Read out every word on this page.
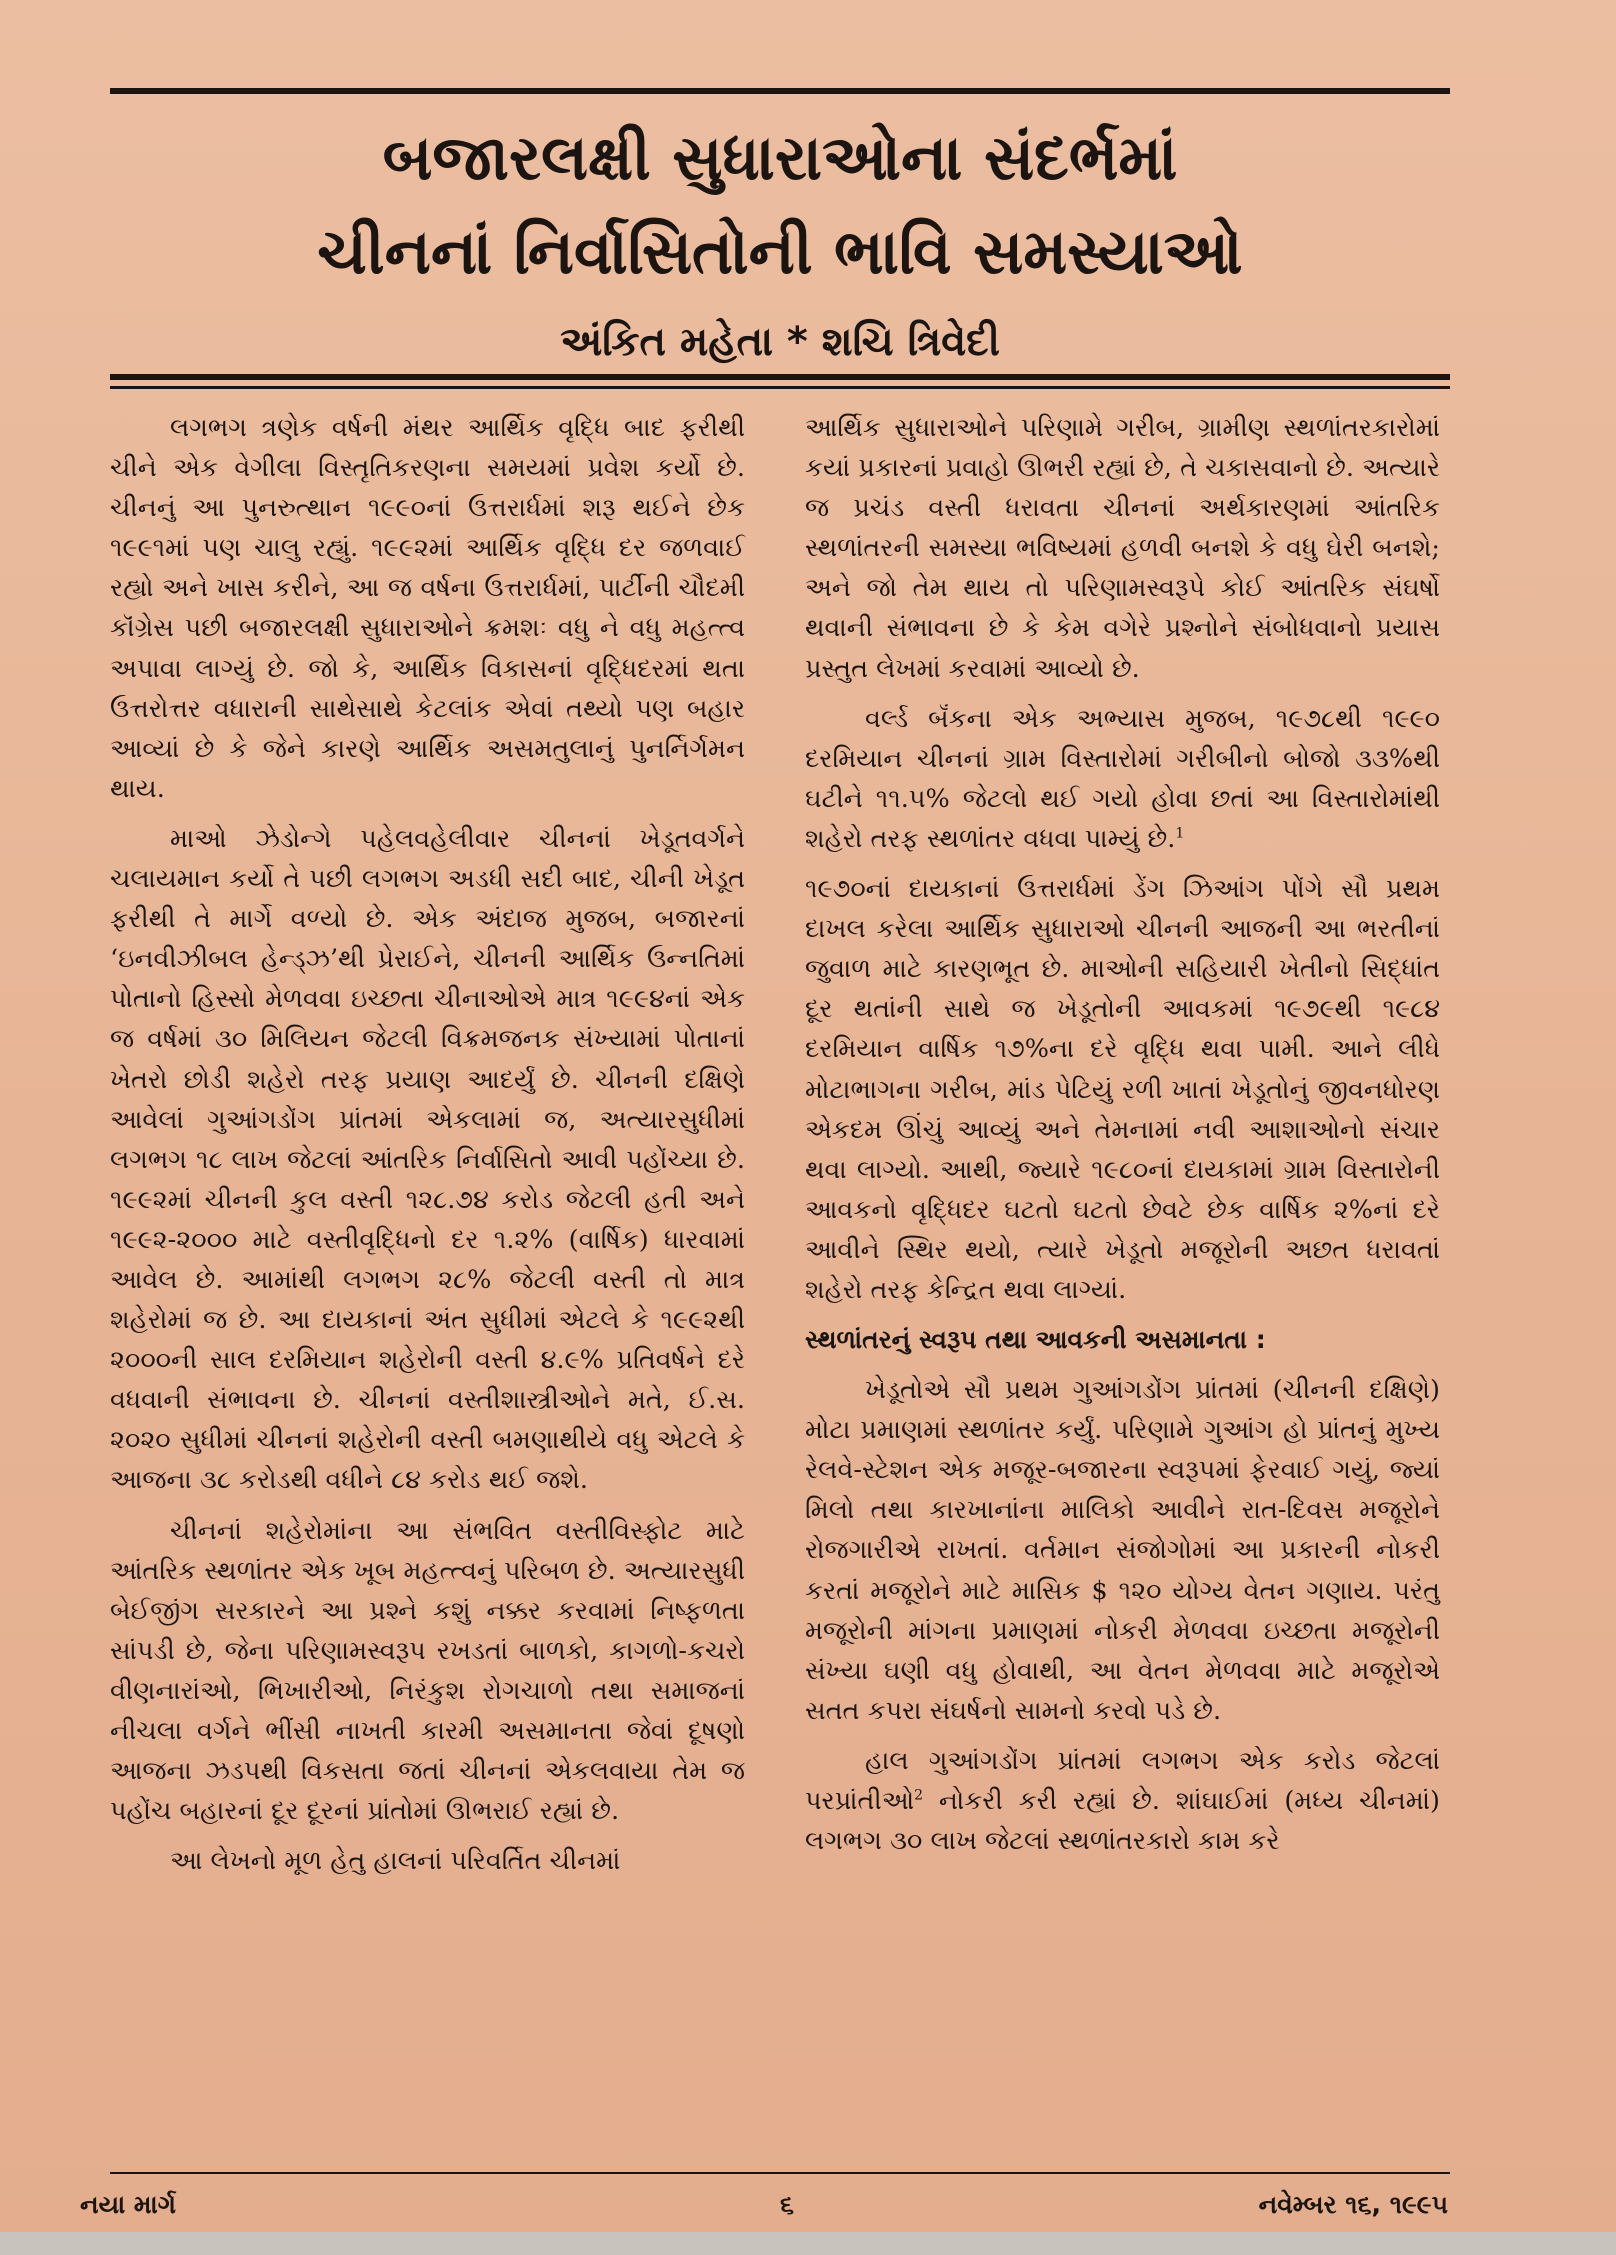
બજારલક્ષી સુધારાઓના સંદર્ભમાં
ચીનનાં નિર્વાસિતોની ભાવિ સમસ્યાઓ
અંકિત મહેતા * શચિ ત્રિવેદી

લગભગ ત્રણેક વર્ષની મંથર આર્થિક વૃદ્ધિ બાદ ફરીથી ચીને એક વેગીલા વિસ્તૃતિકરણના સમયમાં પ્રવેશ કર્યો છે. ચીનનું આ પુનરુત્થાન ૧૯૯૦નાં ઉત્તરાર્ધમાં શરૂ થઈને છેક ૧૯૯૧માં પણ ચાલુ રહ્યું. ૧૯૯૨માં આર્થિક વૃદ્ધિ દર જળવાઈ રહ્યો અને ખાસ કરીને, આ જ વર્ષના ઉત્તરાર્ધમાં, પાર્ટીની ચૌદમી કૉંગ્રેસ પછી બજારલક્ષી સુધારાઓને ક્રમશઃ વધુ ને વધુ મહત્ત્વ અપાવા લાગ્યું છે. જો કે, આર્થિક વિકાસનાં વૃદ્ધિદરમાં થતા ઉત્તરોત્તર વધારાની સાથેસાથે કેટલાંક એવાં તથ્યો પણ બહાર આવ્યાં છે કે જેને કારણે આર્થિક અસમતુલાનું પુનર્નિર્ગમન થાય.

માઓ ઝેડોન્ગે પહેલવહેલીવાર ચીનનાં ખેડૂતવર્ગને ચલાયમાન કર્યો તે પછી લગભગ અડધી સદી બાદ, ચીની ખેડૂત ફરીથી તે માર્ગે વળ્યો છે. એક અંદાજ મુજબ, બજારનાં ‘ઇનવીઝીબલ હેન્ડ્ઝ’થી પ્રેરાઈને, ચીનની આર્થિક ઉન્નતિમાં પોતાનો હિસ્સો મેળવવા ઇચ્છતા ચીનાઓએ માત્ર ૧૯૯૪નાં એક જ વર્ષમાં ૩૦ મિલિયન જેટલી વિક્રમજનક સંખ્યામાં પોતાનાં ખેતરો છોડી શહેરો તરફ પ્રયાણ આદર્યું છે. ચીનની દક્ષિણે આવેલાં ગુઆંગડોંગ પ્રાંતમાં એકલામાં જ, અત્યારસુધીમાં લગભગ ૧૮ લાખ જેટલાં આંતરિક નિર્વાસિતો આવી પહોંચ્યા છે. ૧૯૯૨માં ચીનની કુલ વસ્તી ૧૨૮.૭૪ કરોડ જેટલી હતી અને ૧૯૯૨-૨૦૦૦ માટે વસ્તીવૃદ્ધિનો દર ૧.૨% (વાર્ષિક) ધારવામાં આવેલ છે. આમાંથી લગભગ ૨૮% જેટલી વસ્તી તો માત્ર શહેરોમાં જ છે. આ દાયકાનાં અંત સુધીમાં એટલે કે ૧૯૯૨થી ૨૦૦૦ની સાલ દરમિયાન શહેરોની વસ્તી ૪.૯% પ્રતિવર્ષને દરે વધવાની સંભાવના છે. ચીનનાં વસ્તીશાસ્ત્રીઓને મતે, ઈ.સ. ૨૦૨૦ સુધીમાં ચીનનાં શહેરોની વસ્તી બમણાથીયે વધુ એટલે કે આજના ૩૮ કરોડથી વધીને ૮૪ કરોડ થઈ જશે.

ચીનનાં શહેરોમાંના આ સંભવિત વસ્તીવિસ્ફોટ માટે આંતરિક સ્થળાંતર એક ખૂબ મહત્ત્વનું પરિબળ છે. અત્યારસુધી બેઈજીંગ સરકારને આ પ્રશ્ને કશું નક્કર કરવામાં નિષ્ફળતા સાંપડી છે, જેના પરિણામસ્વરૂપ રખડતાં બાળકો, કાગળો-કચરો વીણનારાંઓ, ભિખારીઓ, નિરંકુશ રોગચાળો તથા સમાજનાં નીચલા વર્ગને ભીંસી નાખતી કારમી અસમાનતા જેવાં દૂષણો આજના ઝડપથી વિકસતા જતાં ચીનનાં એકલવાયા તેમ જ પહોંચ બહારનાં દૂર દૂરનાં પ્રાંતોમાં ઊભરાઈ રહ્યાં છે.

આ લેખનો મૂળ હેતુ હાલનાં પરિવર્તિત ચીનમાં

આર્થિક સુધારાઓને પરિણામે ગરીબ, ગ્રામીણ સ્થળાંતરકારોમાં કયાં પ્રકારનાં પ્રવાહો ઊભરી રહ્યાં છે, તે ચકાસવાનો છે. અત્યારે જ પ્રચંડ વસ્તી ધરાવતા ચીનનાં અર્થકારણમાં આંતરિક સ્થળાંતરની સમસ્યા ભવિષ્યમાં હળવી બનશે કે વધુ ઘેરી બનશે; અને જો તેમ થાય તો પરિણામસ્વરૂપે કોઈ આંતરિક સંઘર્ષો થવાની સંભાવના છે કે કેમ વગેરે પ્રશ્નોને સંબોધવાનો પ્રયાસ પ્રસ્તુત લેખમાં કરવામાં આવ્યો છે.

વર્લ્ડ બૅંકના એક અભ્યાસ મુજબ, ૧૯૭૮થી ૧૯૯૦ દરમિયાન ચીનનાં ગ્રામ વિસ્તારોમાં ગરીબીનો બોજો ૩૩%થી ઘટીને ૧૧.૫% જેટલો થઈ ગયો હોવા છતાં આ વિસ્તારોમાંથી શહેરો તરફ સ્થળાંતર વધવા પામ્યું છે.$^1$

૧૯૭૦નાં દાયકાનાં ઉત્તરાર્ધમાં ડેંગ ઝિઆંગ પોંગે સૌ પ્રથમ દાખલ કરેલા આર્થિક સુધારાઓ ચીનની આજની આ ભરતીનાં જુવાળ માટે કારણભૂત છે. માઓની સહિયારી ખેતીનો સિદ્ધાંત દૂર થતાંની સાથે જ ખેડૂતોની આવકમાં ૧૯૭૯થી ૧૯૮૪ દરમિયાન વાર્ષિક ૧૭%ના દરે વૃદ્ધિ થવા પામી. આને લીધે મોટાભાગના ગરીબ, માંડ પેટિયું રળી ખાતાં ખેડૂતોનું જીવનધોરણ એકદમ ઊંચું આવ્યું અને તેમનામાં નવી આશાઓનો સંચાર થવા લાગ્યો. આથી, જ્યારે ૧૯૮૦નાં દાયકામાં ગ્રામ વિસ્તારોની આવકનો વૃદ્ધિદર ઘટતો ઘટતો છેવટે છેક વાર્ષિક ૨%નાં દરે આવીને સ્થિર થયો, ત્યારે ખેડૂતો મજૂરોની અછત ધરાવતાં શહેરો તરફ કેન્દ્રિત થવા લાગ્યાં.

સ્થળાંતરનું સ્વરૂપ તથા આવકની અસમાનતા :

ખેડૂતોએ સૌ પ્રથમ ગુઆંગડોંગ પ્રાંતમાં (ચીનની દક્ષિણે) મોટા પ્રમાણમાં સ્થળાંતર કર્યું. પરિણામે ગુઆંગ હો પ્રાંતનું મુખ્ય રેલવે-સ્ટેશન એક મજૂર-બજારના સ્વરૂપમાં ફેરવાઈ ગયું, જ્યાં મિલો તથા કારખાનાંના માલિકો આવીને રાત-દિવસ મજૂરોને રોજગારીએ રાખતાં. વર્તમાન સંજોગોમાં આ પ્રકારની નોકરી કરતાં મજૂરોને માટે માસિક $ ૧૨૦ યોગ્ય વેતન ગણાય. પરંતુ મજૂરોની માંગના પ્રમાણમાં નોકરી મેળવવા ઇચ્છતા મજૂરોની સંખ્યા ઘણી વધુ હોવાથી, આ વેતન મેળવવા માટે મજૂરોએ સતત કપરા સંઘર્ષનો સામનો કરવો પડે છે.

હાલ ગુઆંગડોંગ પ્રાંતમાં લગભગ એક કરોડ જેટલાં પરપ્રાંતીઓ$^2$ નોકરી કરી રહ્યાં છે. શાંઘાઈમાં (મધ્ય ચીનમાં) લગભગ ૩૦ લાખ જેટલાં સ્થળાંતરકારો કામ કરે

નયા માર્ગ	૬	નવેમ્બર ૧૬, ૧૯૯૫
